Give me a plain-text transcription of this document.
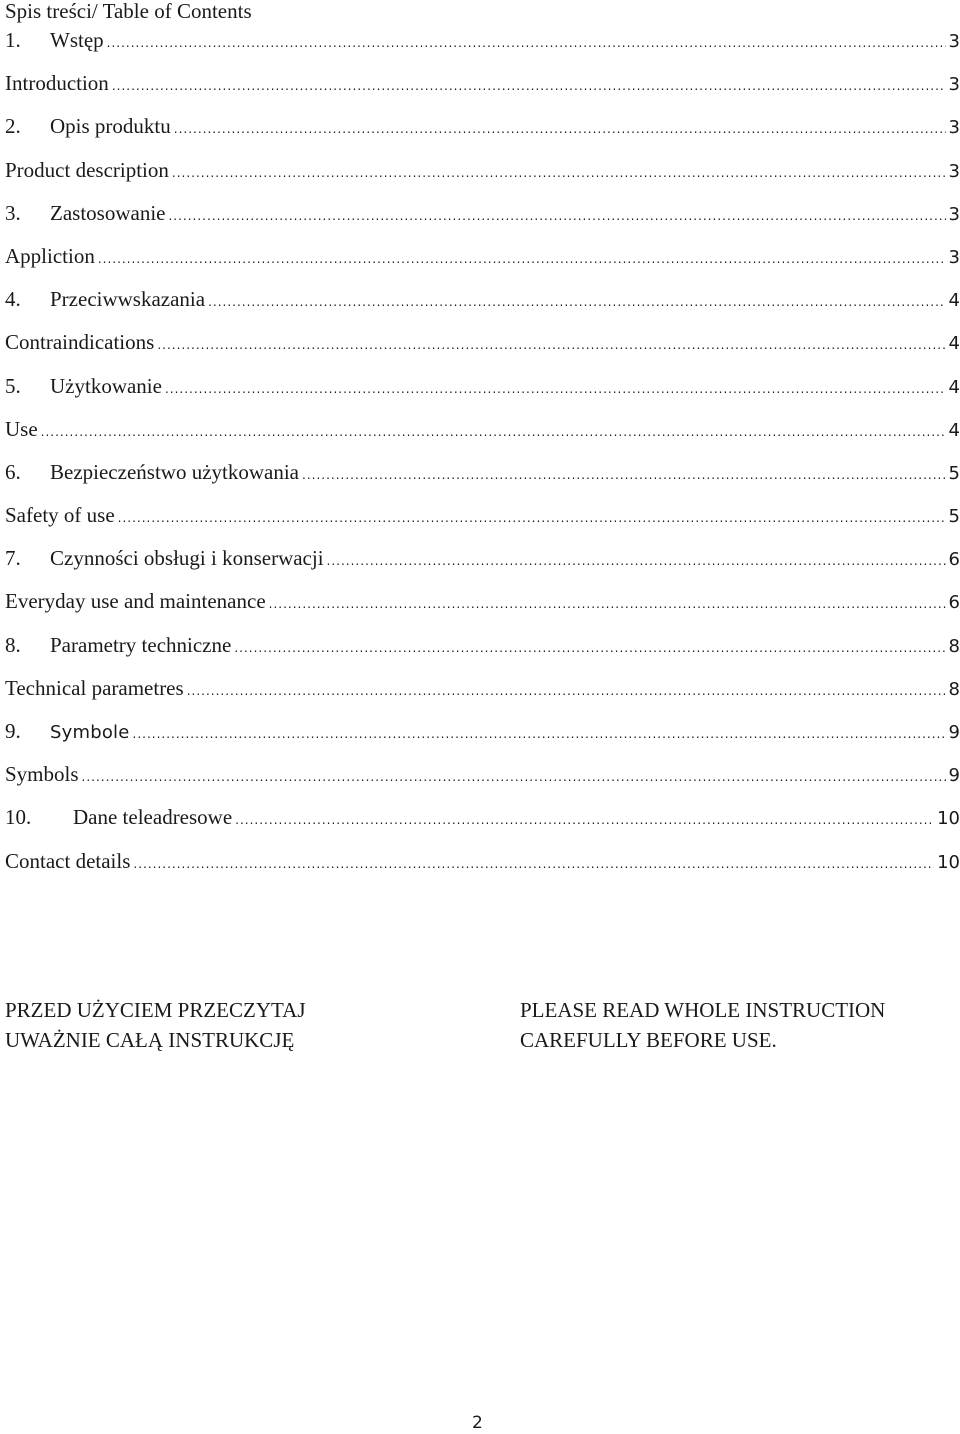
Spis treści/ Table of Contents
1.	Wstęp .....	3
Introduction .....	3
2.	Opis produktu .....	3
Product description .....	3
3.	Zastosowanie .....	3
Appliction .....	3
4.	Przeciwwskazania .....	4
Contraindications .....	4
5.	Użytkowanie .....	4
Use .....	4
6.	Bezpieczeństwo użytkowania .....	5
Safety of use .....	5
7.	Czynności obsługi i konserwacji .....	6
Everyday use and maintenance .....	6
8.	Parametry techniczne .....	8
Technical parametres .....	8
9.	Symbole .....	9
Symbols .....	9
10.	Dane teleadresowe .....	10
Contact details .....	10
PRZED UŻYCIEM PRZECZYTAJ
UWAŻNIE CAŁĄ INSTRUKCJĘ
PLEASE READ WHOLE INSTRUCTION
CAREFULLY BEFORE USE.
2
